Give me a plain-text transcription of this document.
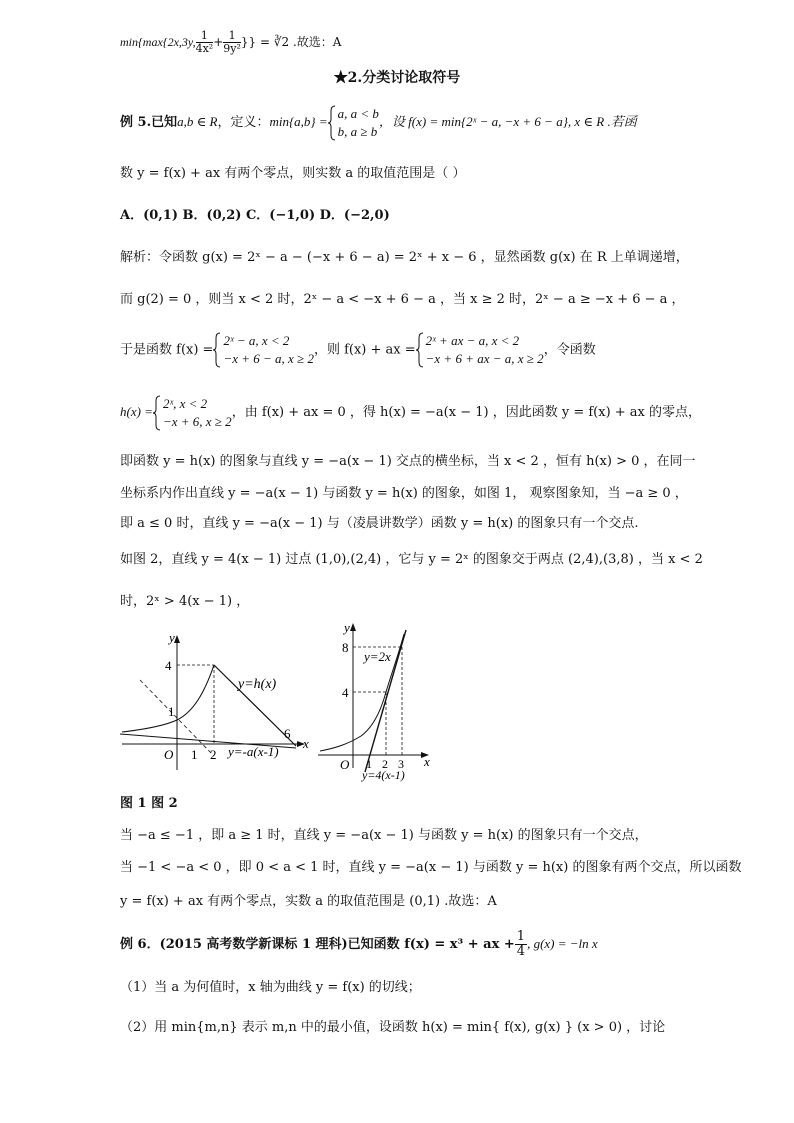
min{max{2x,3y, $\frac{1}{\text{4x²}} + \frac{1}{\text{9y²}}$ }} = ∛2 .故选：A
★2.分类讨论取符号
例 5.已知a,b ∈ R，定义：min{a,b} =
a, a < b
b, a ≥ b
，设 f(x) = min{2ˣ − a, −x + 6 − a}, x ∈ R .若函
数 y = f(x) + ax 有两个零点，则实数 a 的取值范围是（ ）
A．(0,1) B．(0,2) C．(−1,0) D．(−2,0)
解析：令函数 g(x) = 2ˣ − a − (−x + 6 − a) = 2ˣ + x − 6 ，显然函数 g(x) 在 R 上单调递增，
而 g(2) = 0 ，则当 x < 2 时，2ˣ − a < −x + 6 − a ，当 x ≥ 2 时，2ˣ − a ≥ −x + 6 − a ，
于是函数 f(x) =
2ˣ − a, x < 2
−x + 6 − a, x ≥ 2
，则 f(x) + ax =
2ˣ + ax − a, x < 2
−x + 6 + ax − a, x ≥ 2
，令函数
h(x) =
2ˣ, x < 2
−x + 6, x ≥ 2
，由 f(x) + ax = 0 ，得 h(x) = −a(x − 1) ，因此函数 y = f(x) + ax 的零点，
即函数 y = h(x) 的图象与直线 y = −a(x − 1) 交点的横坐标，当 x < 2 ，恒有 h(x) > 0 ，在同一
坐标系内作出直线 y = −a(x − 1) 与函数 y = h(x) 的图象，如图 1， 观察图象知，当 −a ≥ 0 ，
即 a ≤ 0 时，直线 y = −a(x − 1) 与（凌晨讲数学）函数 y = h(x) 的图象只有一个交点.
如图 2，直线 y = 4(x − 1) 过点 (1,0),(2,4) ，它与 y = 2ˣ 的图象交于两点 (2,4),(3,8) ，当 x < 2
时，2ˣ > 4(x − 1) ，
y
x
O
4
1
1 2
6
y=h(x)
y=-a(x-1)
y
x
O
8
4
1 2 3
y=2x
y=4(x-1)
图 1 图 2
当 −a ≤ −1 ，即 a ≥ 1 时，直线 y = −a(x − 1) 与函数 y = h(x) 的图象只有一个交点，
当 −1 < −a < 0 ，即 0 < a < 1 时，直线 y = −a(x − 1) 与函数 y = h(x) 的图象有两个交点，所以函数
y = f(x) + ax 有两个零点，实数 a 的取值范围是 (0,1) .故选：A
例 6．(2015 高考数学新课标 1 理科)已知函数 f(x) = x³ + ax + $\frac{1}{4}$ , g(x) = −ln x
（1）当 a 为何值时，x 轴为曲线 y = f(x) 的切线；
（2）用 min{m,n} 表示 m,n 中的最小值，设函数 h(x) = min{ f(x), g(x) } (x > 0) ，讨论
